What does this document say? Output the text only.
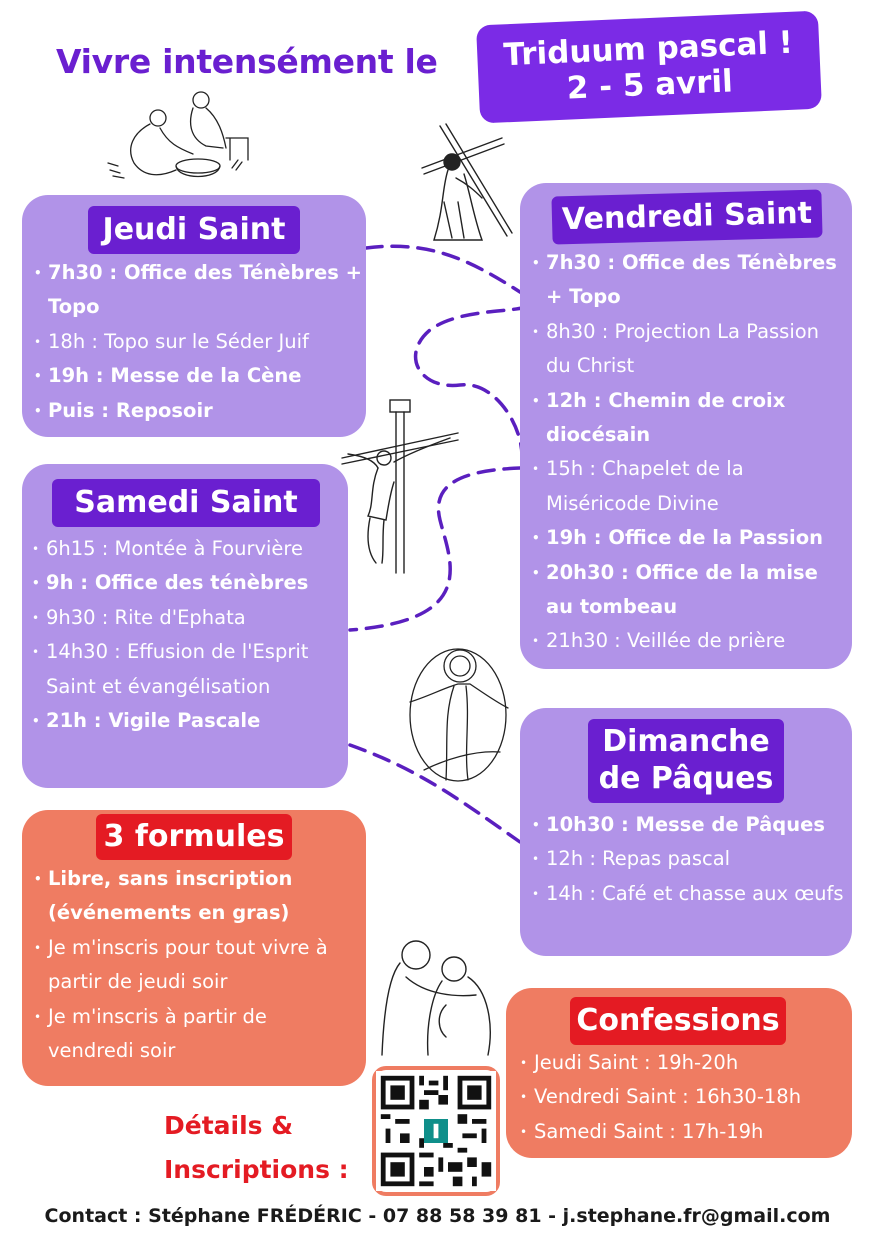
Vivre intensément le	Triduum pascal !
2 - 5 avril
Jeudi Saint
• 7h30 : Office des Ténèbres + Topo
• 18h : Topo sur le Séder Juif
• 19h : Messe de la Cène
• Puis : Reposoir
Vendredi Saint
• 7h30 : Office des Ténèbres + Topo
• 8h30 : Projection La Passion du Christ
• 12h : Chemin de croix diocésain
• 15h : Chapelet de la Miséricode Divine
• 19h : Office de la Passion
• 20h30 : Office de la mise au tombeau
• 21h30 : Veillée de prière
Samedi Saint
• 6h15 : Montée à Fourvière
• 9h : Office des ténèbres
• 9h30 : Rite d'Ephata
• 14h30 : Effusion de l'Esprit Saint et évangélisation
• 21h : Vigile Pascale
Dimanche
de Pâques
• 10h30 : Messe de Pâques
• 12h : Repas pascal
• 14h : Café et chasse aux œufs
3 formules
• Libre, sans inscription (événements en gras)
• Je m'inscris pour tout vivre à partir de jeudi soir
• Je m'inscris à partir de vendredi soir
Confessions
• Jeudi Saint : 19h-20h
• Vendredi Saint : 16h30-18h
• Samedi Saint : 17h-19h
Détails &
Inscriptions :
Contact : Stéphane FRÉDÉRIC - 07 88 58 39 81 - j.stephane.fr@gmail.com
